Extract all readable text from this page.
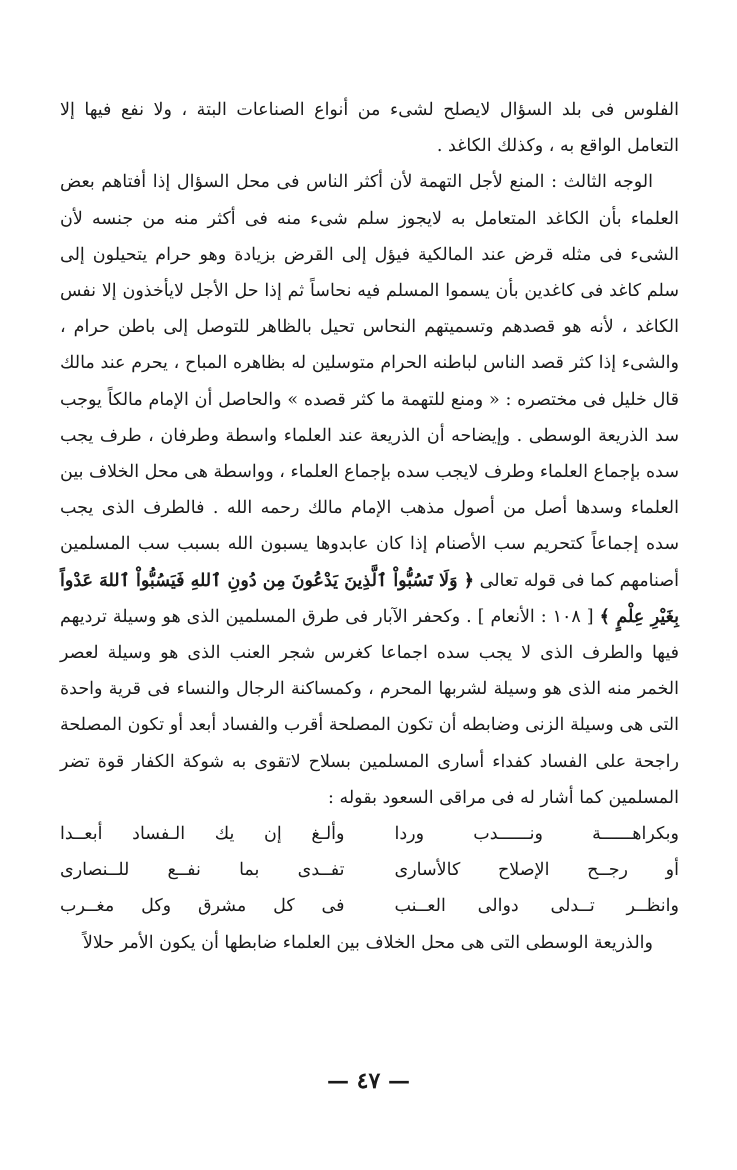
الفلوس فى بلد السؤال لايصلح لشىء من أنواع الصناعات البتة ، ولا نفع فيها إلا التعامل الواقع به ، وكذلك الكاغد .

الوجه الثالث : المنع لأجل التهمة لأن أكثر الناس فى محل السؤال إذا أفتاهم بعض العلماء بأن الكاغد المتعامل به لايجوز سلم شىء منه فى أكثر منه من جنسه لأن الشىء فى مثله قرض عند المالكية فيؤل إلى القرض بزيادة وهو حرام يتحيلون إلى سلم كاغد فى كاغدين بأن يسموا المسلم فيه نحاساً ثم إذا حل الأجل لايأخذون إلا نفس الكاغد ، لأنه هو قصدهم وتسميتهم النحاس تحيل بالظاهر للتوصل إلى باطن حرام ، والشىء إذا كثر قصد الناس لباطنه الحرام متوسلين له بظاهره المباح ، يحرم عند مالك قال خليل فى مختصره : « ومنع للتهمة ما كثر قصده » والحاصل أن الإمام مالكاً يوجب سد الذريعة الوسطى . وإيضاحه أن الذريعة عند العلماء واسطة وطرفان ، طرف يجب سده بإجماع العلماء وطرف لايجب سده بإجماع العلماء ، وواسطة هى محل الخلاف بين العلماء وسدها أصل من أصول مذهب الإمام مالك رحمه الله . فالطرف الذى يجب سده إجماعاً كتحريم سب الأصنام إذا كان عابدوها يسبون الله بسبب سب المسلمين أصنامهم كما فى قوله تعالى ﴿ وَلَا تَسُبُّواْ ٱلَّذِينَ يَدْعُونَ مِن دُونِ ٱللهِ فَيَسُبُّواْ ٱللهَ عَدْواً بِغَيْرِ عِلْمٍ ﴾ [ ١٠٨ : الأنعام ] . وكحفر الآبار فى طرق المسلمين الذى هو وسيلة ترديهم فيها والطرف الذى لا يجب سده اجماعا كغرس شجر العنب الذى هو وسيلة لعصر الخمر منه الذى هو وسيلة لشربها المحرم ، وكمساكنة الرجال والنساء فى قرية واحدة التى هى وسيلة الزنى وضابطه أن تكون المصلحة أقرب والفساد أبعد أو تكون المصلحة راجحة على الفساد كفداء أسارى المسلمين بسلاح لاتقوى به شوكة الكفار قوة تضر المسلمين كما أشار له فى مراقى السعود بقوله :

وبكراهــــــة ونــــــدب وردا
وألـغ إن يك الـفساد أبعــدا
أو رجــح الإصلاح كالأسارى
تفــدى بما نفــع للــنصارى
وانظــر تــدلى دوالى العــنب
فى كل مشرق وكل مغــرب

والذريعة الوسطى التى هى محل الخلاف بين العلماء ضابطها أن يكون الأمر حلالاً

— ٤٧ —
